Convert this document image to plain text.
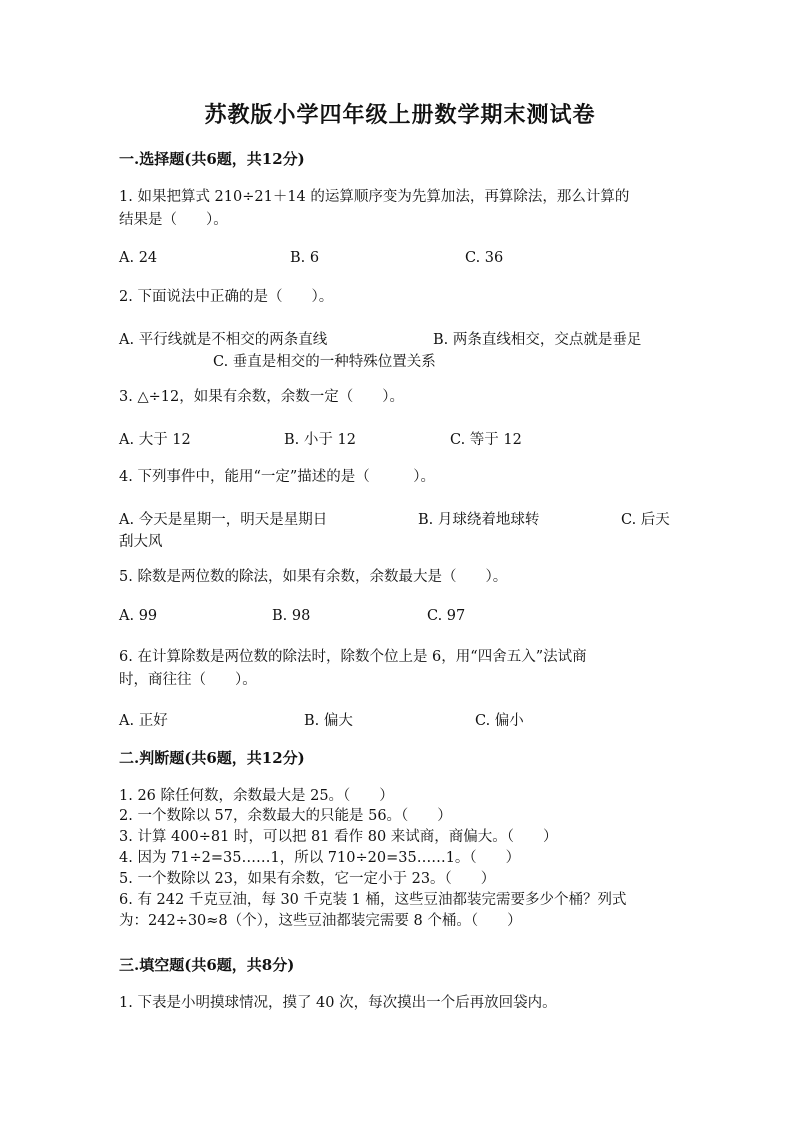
苏教版小学四年级上册数学期末测试卷
一.选择题(共6题，共12分)
1. 如果把算式 210÷21＋14 的运算顺序变为先算加法，再算除法，那么计算的
结果是（　　）。
A. 24	B. 6	C. 36
2. 下面说法中正确的是（　　）。
A. 平行线就是不相交的两条直线	B. 两条直线相交，交点就是垂足
C. 垂直是相交的一种特殊位置关系
3. △÷12，如果有余数，余数一定（　　）。
A. 大于 12	B. 小于 12	C. 等于 12
4. 下列事件中，能用“一定”描述的是（　　　）。
A. 今天是星期一，明天是星期日	B. 月球绕着地球转	C. 后天
刮大风
5. 除数是两位数的除法，如果有余数，余数最大是（　　）。
A. 99	B. 98	C. 97
6. 在计算除数是两位数的除法时，除数个位上是 6，用“四舍五入”法试商
时，商往往（　　）。
A. 正好	B. 偏大	C. 偏小
二.判断题(共6题，共12分)
1. 26 除任何数，余数最大是 25。（　　）
2. 一个数除以 57，余数最大的只能是 56。（　　）
3. 计算 400÷81 时，可以把 81 看作 80 来试商，商偏大。（　　）
4. 因为 71÷2=35……1，所以 710÷20=35……1。（　　）
5. 一个数除以 23，如果有余数，它一定小于 23。（　　）
6. 有 242 千克豆油，每 30 千克装 1 桶，这些豆油都装完需要多少个桶？列式
为：242÷30≈8（个），这些豆油都装完需要 8 个桶。（　　）
三.填空题(共6题，共8分)
1. 下表是小明摸球情况，摸了 40 次，每次摸出一个后再放回袋内。
